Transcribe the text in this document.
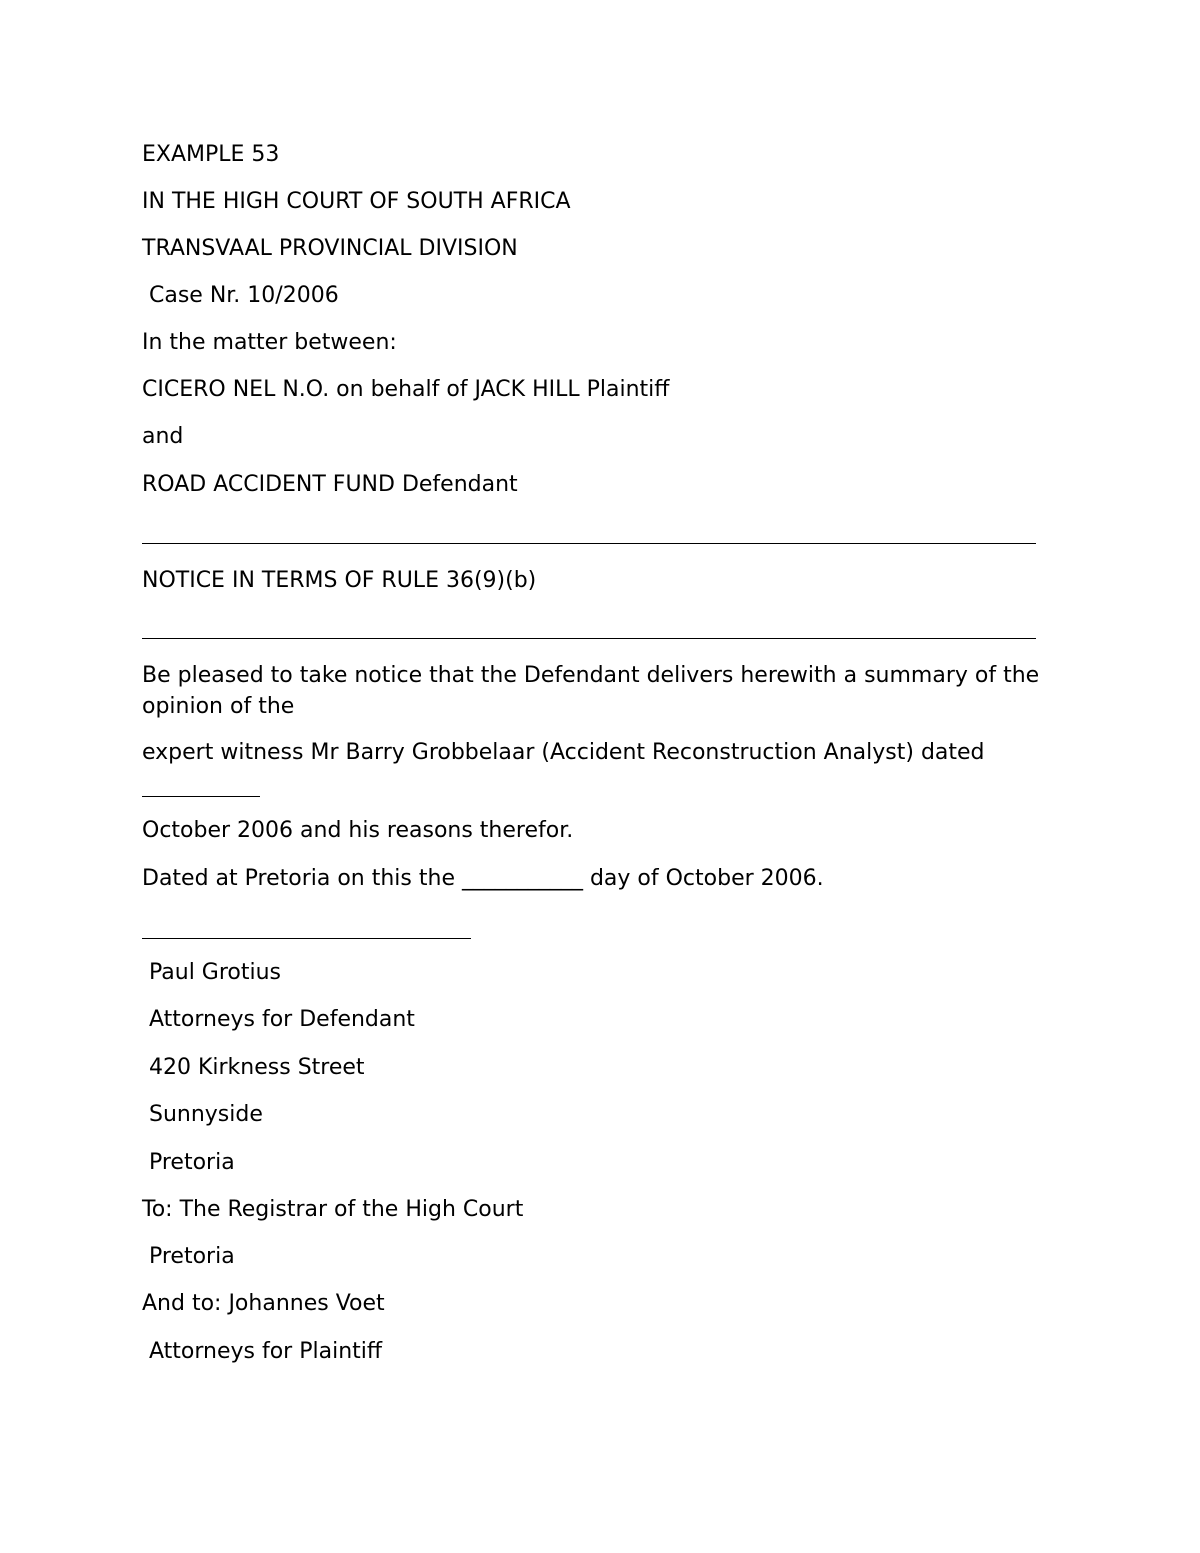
EXAMPLE 53
IN THE HIGH COURT OF SOUTH AFRICA
TRANSVAAL PROVINCIAL DIVISION
Case Nr. 10/2006
In the matter between:
CICERO NEL N.O. on behalf of JACK HILL Plaintiff
and
ROAD ACCIDENT FUND Defendant
NOTICE IN TERMS OF RULE 36(9)(b)
Be pleased to take notice that the Defendant delivers herewith a summary of the opinion of the
expert witness Mr Barry Grobbelaar (Accident Reconstruction Analyst) dated
October 2006 and his reasons therefor.
Dated at Pretoria on this the ___________ day of October 2006.
Paul Grotius
Attorneys for Defendant
420 Kirkness Street
Sunnyside
Pretoria
To: The Registrar of the High Court
Pretoria
And to: Johannes Voet
Attorneys for Plaintiff
